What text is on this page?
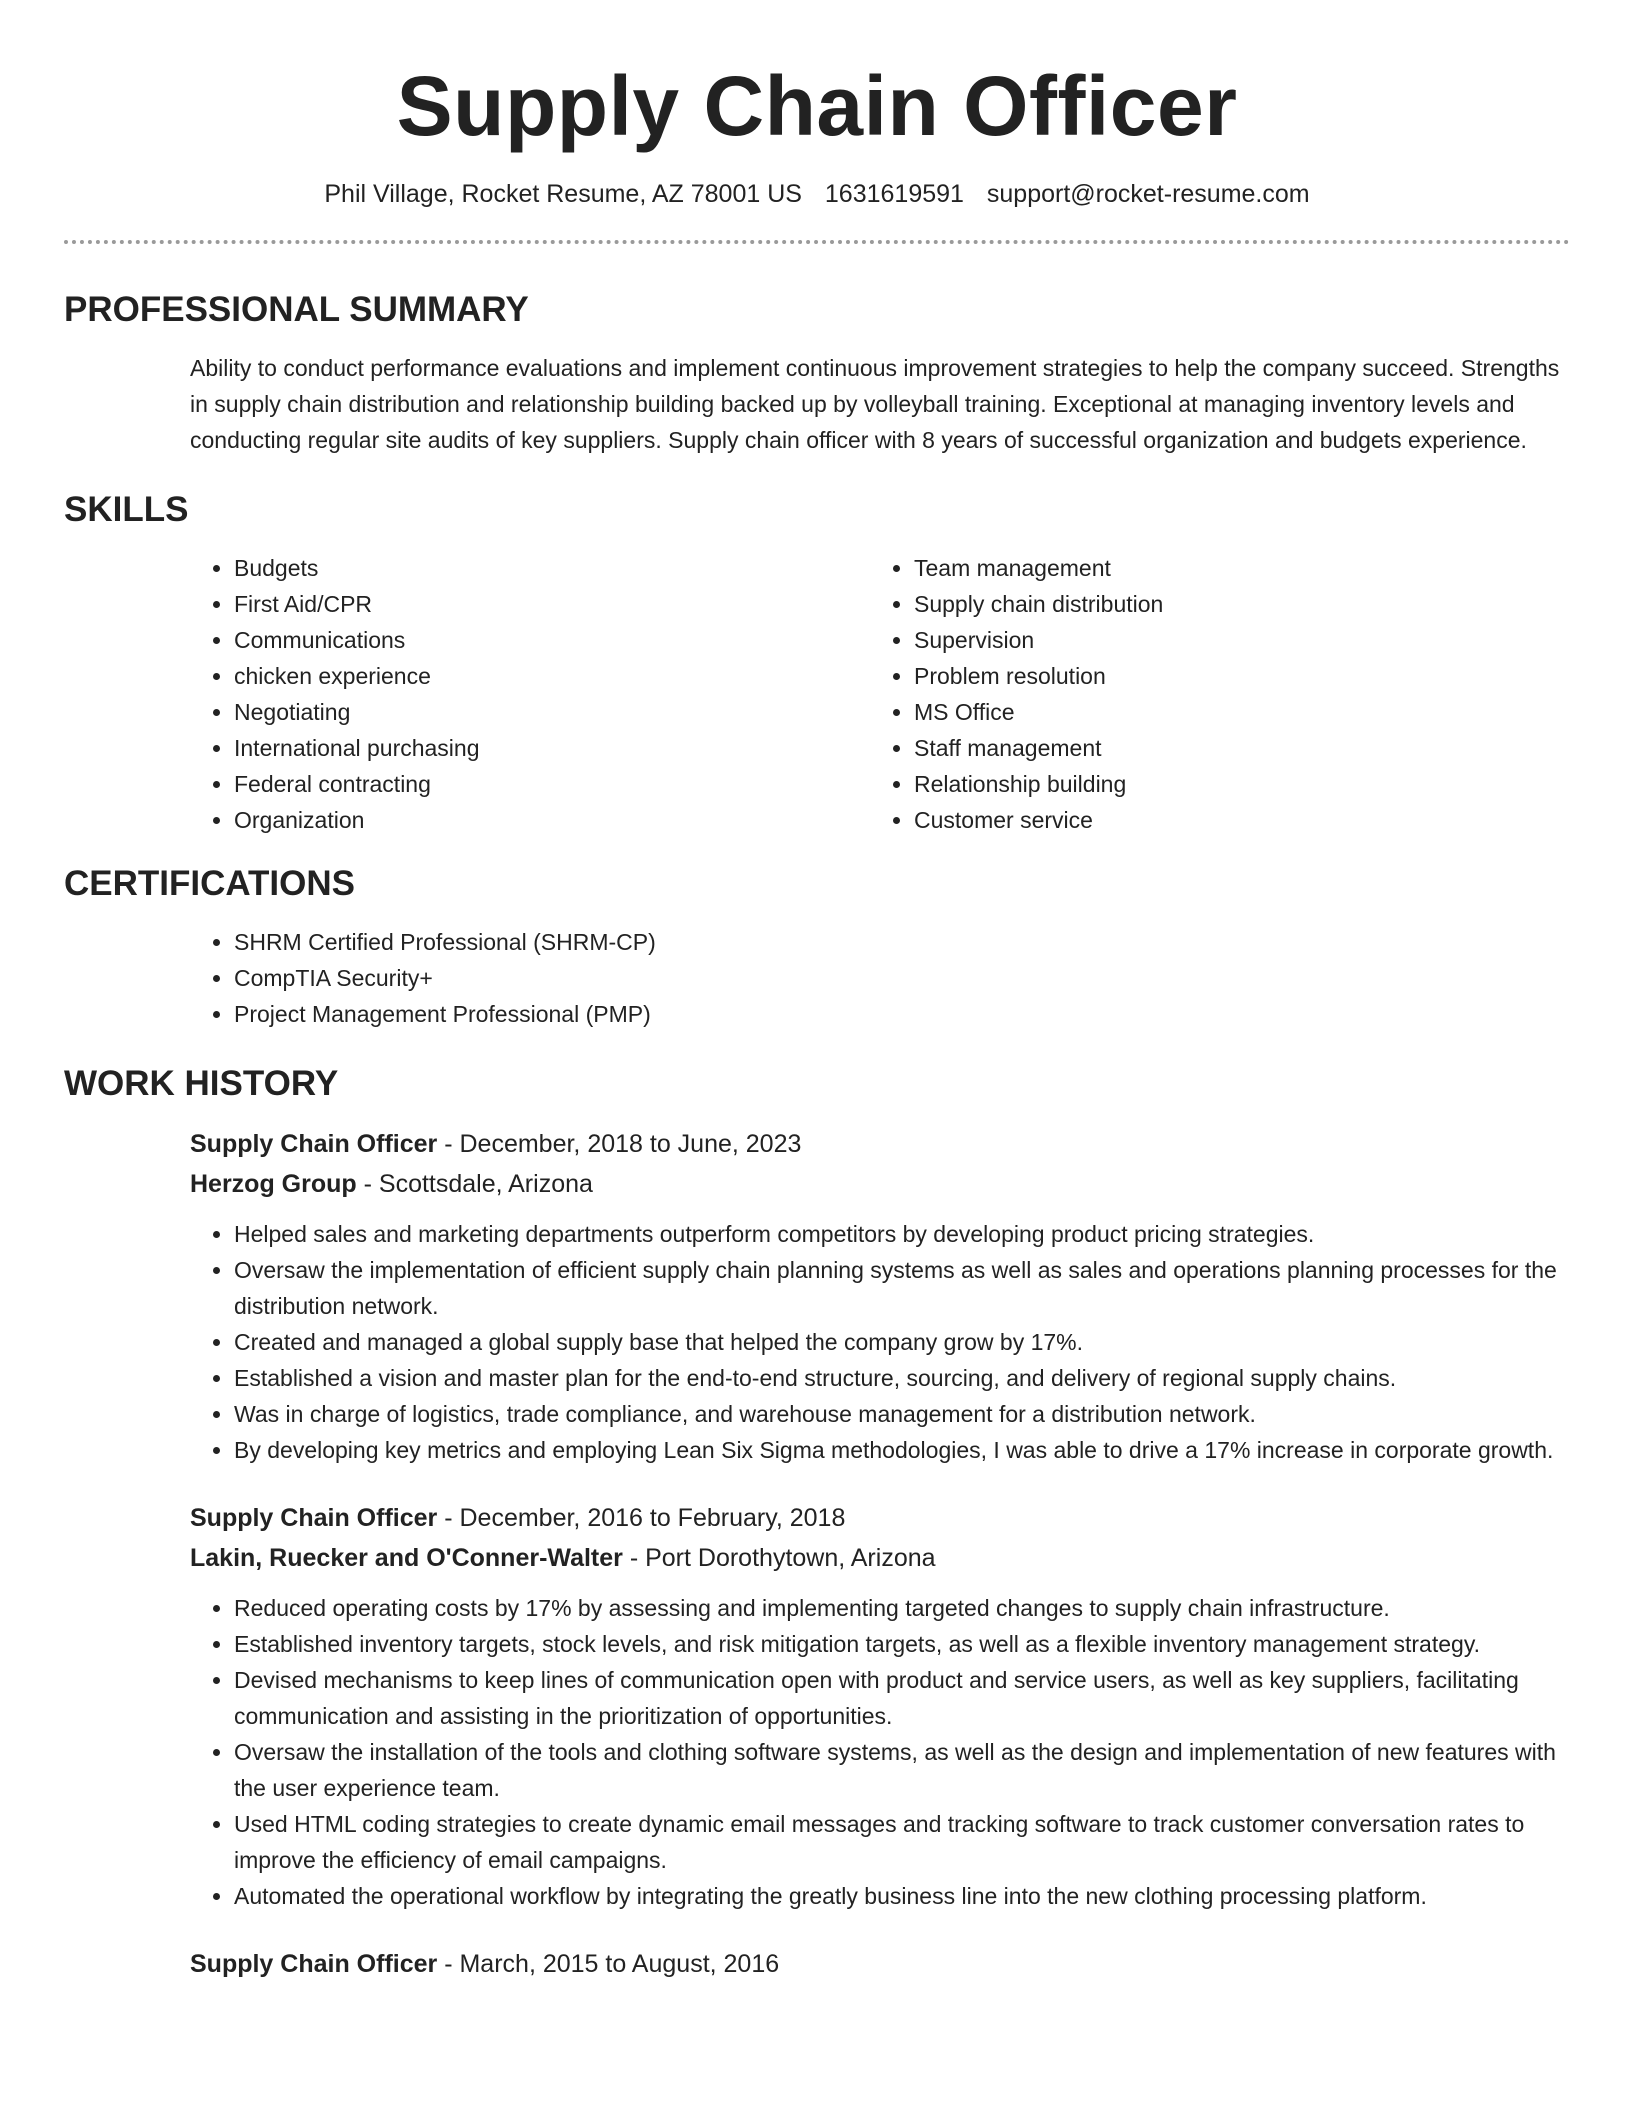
Supply Chain Officer
Phil Village, Rocket Resume, AZ 78001 US 1631619591 support@rocket-resume.com
PROFESSIONAL SUMMARY

Ability to conduct performance evaluations and implement continuous improvement strategies to help the company succeed. Strengths in supply chain distribution and relationship building backed up by volleyball training. Exceptional at managing inventory levels and conducting regular site audits of key suppliers. Supply chain officer with 8 years of successful organization and budgets experience.

SKILLS
• Budgets
• First Aid/CPR
• Communications
• chicken experience
• Negotiating
• International purchasing
• Federal contracting
• Organization
• Team management
• Supply chain distribution
• Supervision
• Problem resolution
• MS Office
• Staff management
• Relationship building
• Customer service
CERTIFICATIONS
• SHRM Certified Professional (SHRM-CP)
• CompTIA Security+
• Project Management Professional (PMP)
WORK HISTORY
Supply Chain Officer - December, 2018 to June, 2023
Herzog Group - Scottsdale, Arizona
• Helped sales and marketing departments outperform competitors by developing product pricing strategies.
• Oversaw the implementation of efficient supply chain planning systems as well as sales and operations planning processes for the distribution network.
• Created and managed a global supply base that helped the company grow by 17%.
• Established a vision and master plan for the end-to-end structure, sourcing, and delivery of regional supply chains.
• Was in charge of logistics, trade compliance, and warehouse management for a distribution network.
• By developing key metrics and employing Lean Six Sigma methodologies, I was able to drive a 17% increase in corporate growth.
Supply Chain Officer - December, 2016 to February, 2018
Lakin, Ruecker and O'Conner-Walter - Port Dorothytown, Arizona
• Reduced operating costs by 17% by assessing and implementing targeted changes to supply chain infrastructure.
• Established inventory targets, stock levels, and risk mitigation targets, as well as a flexible inventory management strategy.
• Devised mechanisms to keep lines of communication open with product and service users, as well as key suppliers, facilitating communication and assisting in the prioritization of opportunities.
• Oversaw the installation of the tools and clothing software systems, as well as the design and implementation of new features with the user experience team.
• Used HTML coding strategies to create dynamic email messages and tracking software to track customer conversation rates to improve the efficiency of email campaigns.
• Automated the operational workflow by integrating the greatly business line into the new clothing processing platform.
Supply Chain Officer - March, 2015 to August, 2016
